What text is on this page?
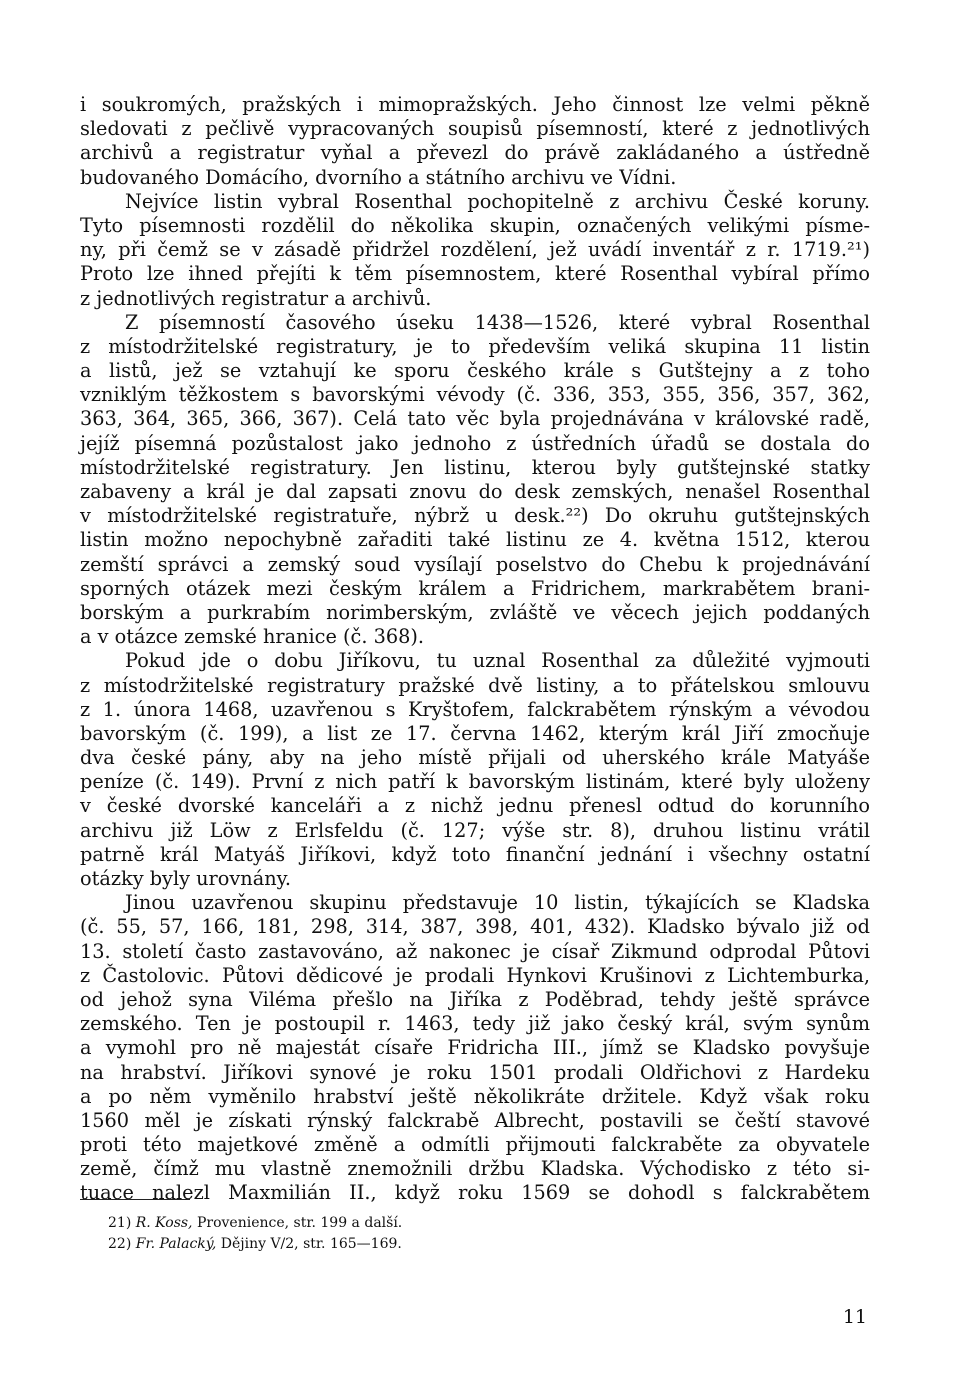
i soukromých, pražských i mimopražských. Jeho činnost lze velmi pěkně
sledovati z pečlivě vypracovaných soupisů písemností, které z jednotlivých
archivů a registratur vyňal a převezl do právě zakládaného a ústředně
budovaného Domácího, dvorního a státního archivu ve Vídni.
Nejvíce listin vybral Rosenthal pochopitelně z archivu České koruny.
Tyto písemnosti rozdělil do několika skupin, označených velikými písme-
ny, při čemž se v zásadě přidržel rozdělení, jež uvádí inventář z r. 1719.²¹)
Proto lze ihned přejíti k těm písemnostem, které Rosenthal vybíral přímo
z jednotlivých registratur a archivů.
Z písemností časového úseku 1438—1526, které vybral Rosenthal
z místodržitelské registratury, je to především veliká skupina 11 listin
a listů, jež se vztahují ke sporu českého krále s Gutštejny a z toho
vzniklým těžkostem s bavorskými vévody (č. 336, 353, 355, 356, 357, 362,
363, 364, 365, 366, 367). Celá tato věc byla projednávána v královské radě,
jejíž písemná pozůstalost jako jednoho z ústředních úřadů se dostala do
místodržitelské registratury. Jen listinu, kterou byly gutštejnské statky
zabaveny a král je dal zapsati znovu do desk zemských, nenašel Rosenthal
v místodržitelské registratuře, nýbrž u desk.²²) Do okruhu gutštejnských
listin možno nepochybně zařaditi také listinu ze 4. května 1512, kterou
zemští správci a zemský soud vysílají poselstvo do Chebu k projednávání
sporných otázek mezi českým králem a Fridrichem, markrabětem brani-
borským a purkrabím norimberským, zvláště ve věcech jejich poddaných
a v otázce zemské hranice (č. 368).
Pokud jde o dobu Jiříkovu, tu uznal Rosenthal za důležité vyjmouti
z místodržitelské registratury pražské dvě listiny, a to přátelskou smlouvu
z 1. února 1468, uzavřenou s Kryštofem, falckrabětem rýnským a vévodou
bavorským (č. 199), a list ze 17. června 1462, kterým král Jiří zmocňuje
dva české pány, aby na jeho místě přijali od uherského krále Matyáše
peníze (č. 149). První z nich patří k bavorským listinám, které byly uloženy
v české dvorské kanceláři a z nichž jednu přenesl odtud do korunního
archivu již Löw z Erlsfeldu (č. 127; výše str. 8), druhou listinu vrátil
patrně král Matyáš Jiříkovi, když toto finanční jednání i všechny ostatní
otázky byly urovnány.
Jinou uzavřenou skupinu představuje 10 listin, týkajících se Kladska
(č. 55, 57, 166, 181, 298, 314, 387, 398, 401, 432). Kladsko bývalo již od
13. století často zastavováno, až nakonec je císař Zikmund odprodal Půtovi
z Častolovic. Půtovi dědicové je prodali Hynkovi Krušinovi z Lichtemburka,
od jehož syna Viléma přešlo na Jiříka z Poděbrad, tehdy ještě správce
zemského. Ten je postoupil r. 1463, tedy již jako český král, svým synům
a vymohl pro ně majestát císaře Fridricha III., jímž se Kladsko povyšuje
na hrabství. Jiříkovi synové je roku 1501 prodali Oldřichovi z Hardeku
a po něm vyměnilo hrabství ještě několikráte držitele. Když však roku
1560 měl je získati rýnský falckrabě Albrecht, postavili se čeští stavové
proti této majetkové změně a odmítli přijmouti falckraběte za obyvatele
země, čímž mu vlastně znemožnili držbu Kladska. Východisko z této si-
tuace nalezl Maxmilián II., když roku 1569 se dohodl s falckrabětem
21) R. Koss, Provenience, str. 199 a další.
22) Fr. Palacký, Dějiny V/2, str. 165—169.
11
